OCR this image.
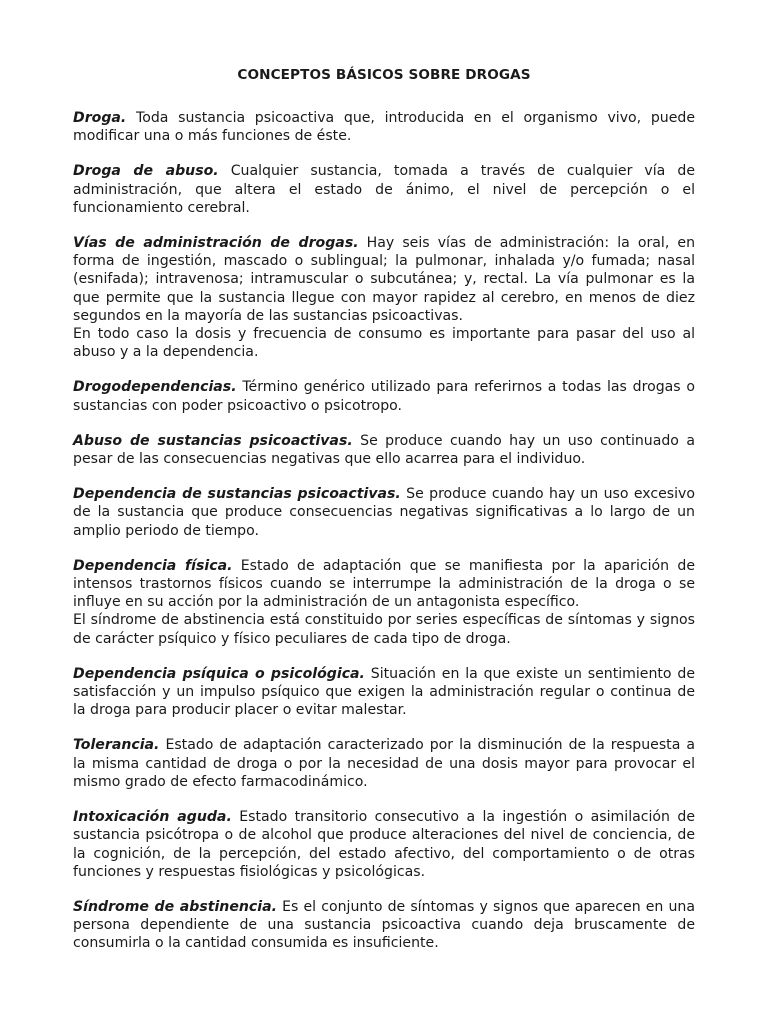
CONCEPTOS BÁSICOS SOBRE DROGAS
Droga. Toda sustancia psicoactiva que, introducida en el organismo vivo, puede modificar una o más funciones de éste.
Droga de abuso. Cualquier sustancia, tomada a través de cualquier vía de administración, que altera el estado de ánimo, el nivel de percepción o el funcionamiento cerebral.
Vías de administración de drogas. Hay seis vías de administración: la oral, en forma de ingestión, mascado o sublingual; la pulmonar, inhalada y/o fumada; nasal (esnifada); intravenosa; intramuscular o subcutánea; y, rectal. La vía pulmonar es la que permite que la sustancia llegue con mayor rapidez al cerebro, en menos de diez segundos en la mayoría de las sustancias psicoactivas.
En todo caso la dosis y frecuencia de consumo es importante para pasar del uso al abuso y a la dependencia.
Drogodependencias. Término genérico utilizado para referirnos a todas las drogas o sustancias con poder psicoactivo o psicotropo.
Abuso de sustancias psicoactivas. Se produce cuando hay un uso continuado a pesar de las consecuencias negativas que ello acarrea para el individuo.
Dependencia de sustancias psicoactivas. Se produce cuando hay un uso excesivo de la sustancia que produce consecuencias negativas significativas a lo largo de un amplio periodo de tiempo.
Dependencia física. Estado de adaptación que se manifiesta por la aparición de intensos trastornos físicos cuando se interrumpe la administración de la droga o se influye en su acción por la administración de un antagonista específico.
El síndrome de abstinencia está constituido por series específicas de síntomas y signos de carácter psíquico y físico peculiares de cada tipo de droga.
Dependencia psíquica o psicológica. Situación en la que existe un sentimiento de satisfacción y un impulso psíquico que exigen la administración regular o continua de la droga para producir placer o evitar malestar.
Tolerancia. Estado de adaptación caracterizado por la disminución de la respuesta a la misma cantidad de droga o por la necesidad de una dosis mayor para provocar el mismo grado de efecto farmacodinámico.
Intoxicación aguda. Estado transitorio consecutivo a la ingestión o asimilación de sustancia psicótropa o de alcohol que produce alteraciones del nivel de conciencia, de la cognición, de la percepción, del estado afectivo, del comportamiento o de otras funciones y respuestas fisiológicas y psicológicas.
Síndrome de abstinencia. Es el conjunto de síntomas y signos que aparecen en una persona dependiente de una sustancia psicoactiva cuando deja bruscamente de consumirla o la cantidad consumida es insuficiente.
